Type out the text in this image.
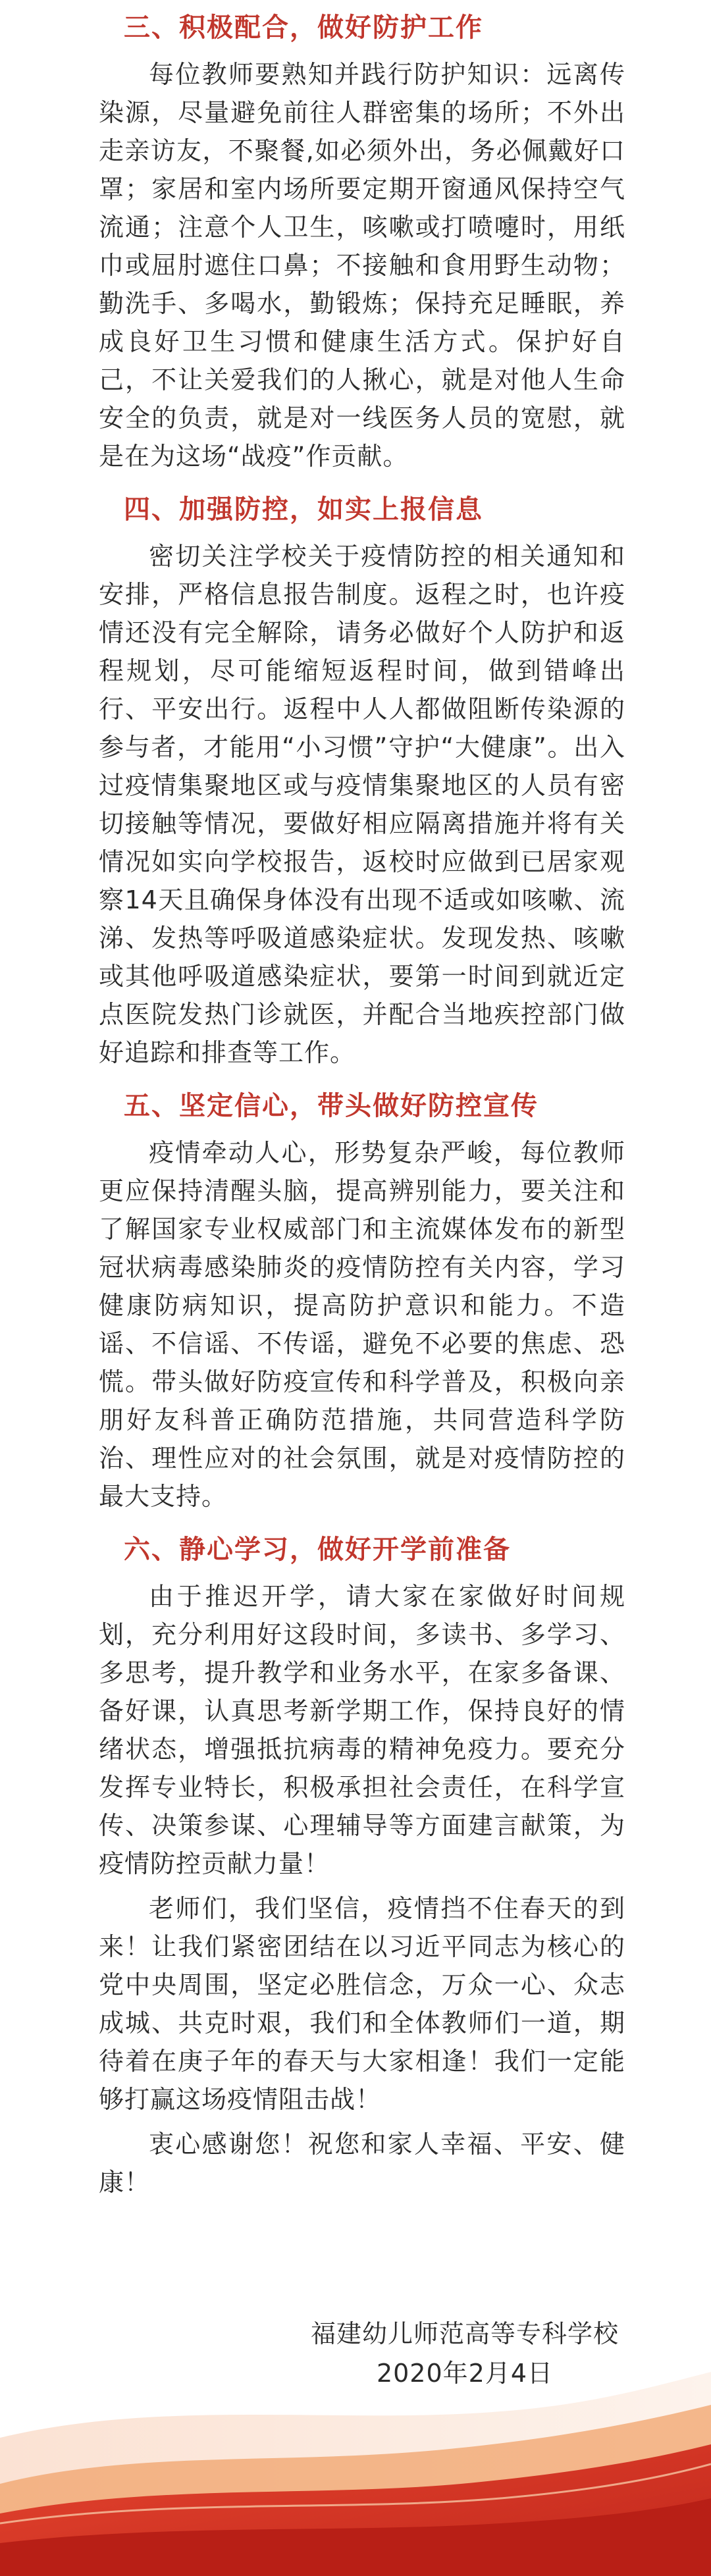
三、积极配合，做好防护工作

每位教师要熟知并践行防护知识：远离传染源，尽量避免前往人群密集的场所；不外出走亲访友，不聚餐,如必须外出，务必佩戴好口罩；家居和室内场所要定期开窗通风保持空气流通；注意个人卫生，咳嗽或打喷嚏时，用纸巾或屈肘遮住口鼻；不接触和食用野生动物；勤洗手、多喝水，勤锻炼；保持充足睡眠，养成良好卫生习惯和健康生活方式。保护好自己，不让关爱我们的人揪心，就是对他人生命安全的负责，就是对一线医务人员的宽慰，就是在为这场“战疫”作贡献。

四、加强防控，如实上报信息

密切关注学校关于疫情防控的相关通知和安排，严格信息报告制度。返程之时，也许疫情还没有完全解除，请务必做好个人防护和返程规划，尽可能缩短返程时间，做到错峰出行、平安出行。返程中人人都做阻断传染源的参与者，才能用“小习惯”守护“大健康”。出入过疫情集聚地区或与疫情集聚地区的人员有密切接触等情况，要做好相应隔离措施并将有关情况如实向学校报告，返校时应做到已居家观察14天且确保身体没有出现不适或如咳嗽、流涕、发热等呼吸道感染症状。发现发热、咳嗽或其他呼吸道感染症状，要第一时间到就近定点医院发热门诊就医，并配合当地疾控部门做好追踪和排查等工作。

五、坚定信心，带头做好防控宣传

疫情牵动人心，形势复杂严峻，每位教师更应保持清醒头脑，提高辨别能力，要关注和了解国家专业权威部门和主流媒体发布的新型冠状病毒感染肺炎的疫情防控有关内容，学习健康防病知识，提高防护意识和能力。不造谣、不信谣、不传谣，避免不必要的焦虑、恐慌。带头做好防疫宣传和科学普及，积极向亲朋好友科普正确防范措施，共同营造科学防治、理性应对的社会氛围，就是对疫情防控的最大支持。

六、静心学习，做好开学前准备

由于推迟开学，请大家在家做好时间规划，充分利用好这段时间，多读书、多学习、多思考，提升教学和业务水平，在家多备课、备好课，认真思考新学期工作，保持良好的情绪状态，增强抵抗病毒的精神免疫力。要充分发挥专业特长，积极承担社会责任，在科学宣传、决策参谋、心理辅导等方面建言献策，为疫情防控贡献力量！

老师们，我们坚信，疫情挡不住春天的到来！让我们紧密团结在以习近平同志为核心的党中央周围，坚定必胜信念，万众一心、众志成城、共克时艰，我们和全体教师们一道，期待着在庚子年的春天与大家相逢！我们一定能够打赢这场疫情阻击战！

衷心感谢您！祝您和家人幸福、平安、健康！

福建幼儿师范高等专科学校
2020年2月4日
